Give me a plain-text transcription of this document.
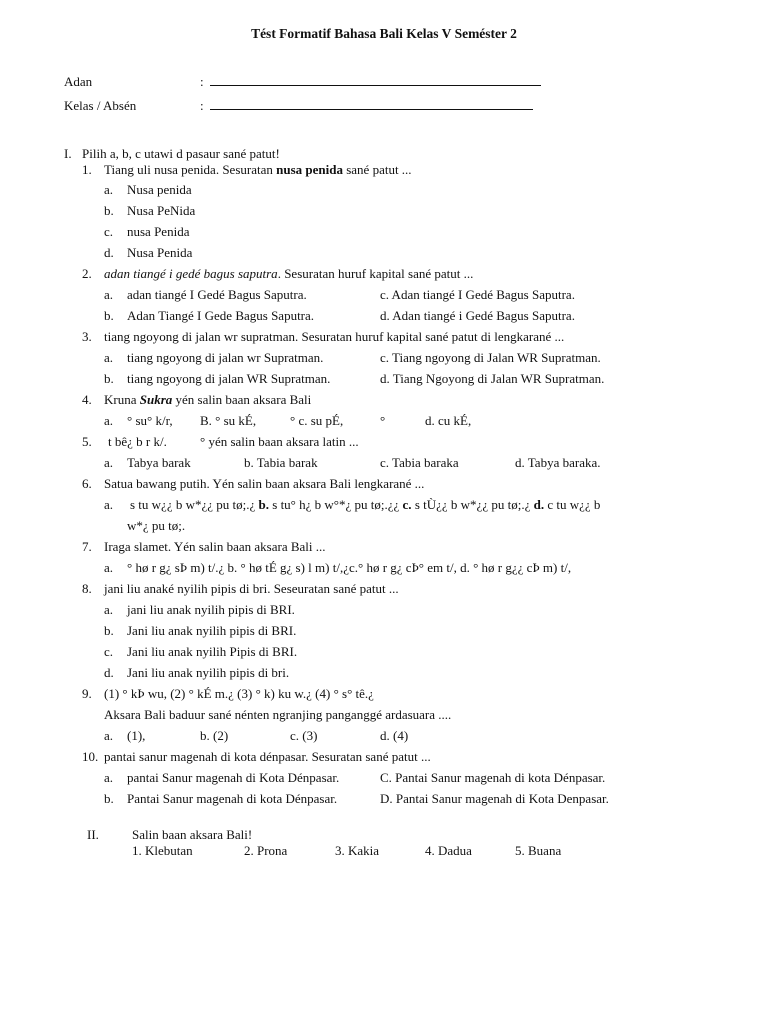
Tést Formatif Bahasa Bali Kelas V Seméster 2
Adan	:
Kelas / Absén	:
I. Pilih a, b, c utawi d pasaur sané patut!
1. Tiang uli nusa penida. Sesuratan nusa penida sané patut ...
a. Nusa penida
b. Nusa PeNida
c. nusa Penida
d. Nusa Penida
2. adan tiangé i gedé bagus saputra. Sesuratan huruf kapital sané patut ...
a. adan tiangé I Gedé Bagus Saputra.	c. Adan tiangé I Gedé Bagus Saputra.
b. Adan Tiangé I Gede Bagus Saputra.	d. Adan tiangé i Gedé Bagus Saputra.
3. tiang ngoyong di jalan wr supratman. Sesuratan huruf kapital sané patut di lengkarané ...
a. tiang ngoyong di jalan wr Supratman.	c. Tiang ngoyong di Jalan WR Supratman.
b. tiang ngoyong di jalan WR Supratman.	d. Tiang Ngoyong di Jalan WR Supratman.
4. Kruna Sukra yén salin baan aksara Bali
a. ° su° k/r, B. ° su kÉ,	° c. su pÉ,	°	d. cu kÉ,
5. t bê¿ b r k/.	° yén salin baan aksara latin ...
a. Tabya barak	b. Tabia barak	c. Tabia baraka	d. Tabya baraka.
6. Satua bawang putih. Yén salin baan aksara Bali lengkarané ...
a. s tu w¿¿ b w*¿¿ pu tø;.¿ b. s tu° h¿ b w°*¿ pu tø;.¿¿ c. s tÙ¿¿ b w*¿¿ pu tø;.¿ d. c tu w¿¿ b
w*¿ pu tø;.
7. Iraga slamet. Yén salin baan aksara Bali ...
a. ° hø r g¿ sÞ m) t/.¿ b. ° hø tÉ g¿ s) l m) t/,¿c.° hø r g¿ cÞ° em t/, d. ° hø r g¿¿ cÞ m) t/,
8. jani liu anaké nyilih pipis di bri. Seseuratan sané patut ...
a. jani liu anak nyilih pipis di BRI.
b. Jani liu anak nyilih pipis di BRI.
c. Jani liu anak nyilih Pipis di BRI.
d. Jani liu anak nyilih pipis di bri.
9. (1) ° kÞ wu, (2) ° kÉ m.¿ (3) ° k) ku w.¿ (4) ° s° tê.¿
Aksara Bali baduur sané nénten ngranjing panganggé ardasuara ....
a. (1),	b. (2)	c. (3)	d. (4)
10. pantai sanur magenah di kota dénpasar. Sesuratan sané patut ...
a. pantai Sanur magenah di Kota Dénpasar.	C. Pantai Sanur magenah di kota Dénpasar.
b. Pantai Sanur magenah di kota Dénpasar.	D. Pantai Sanur magenah di Kota Denpasar.
II.	Salin baan aksara Bali!
1. Klebutan	2. Prona	3. Kakia	4. Dadua	5. Buana
